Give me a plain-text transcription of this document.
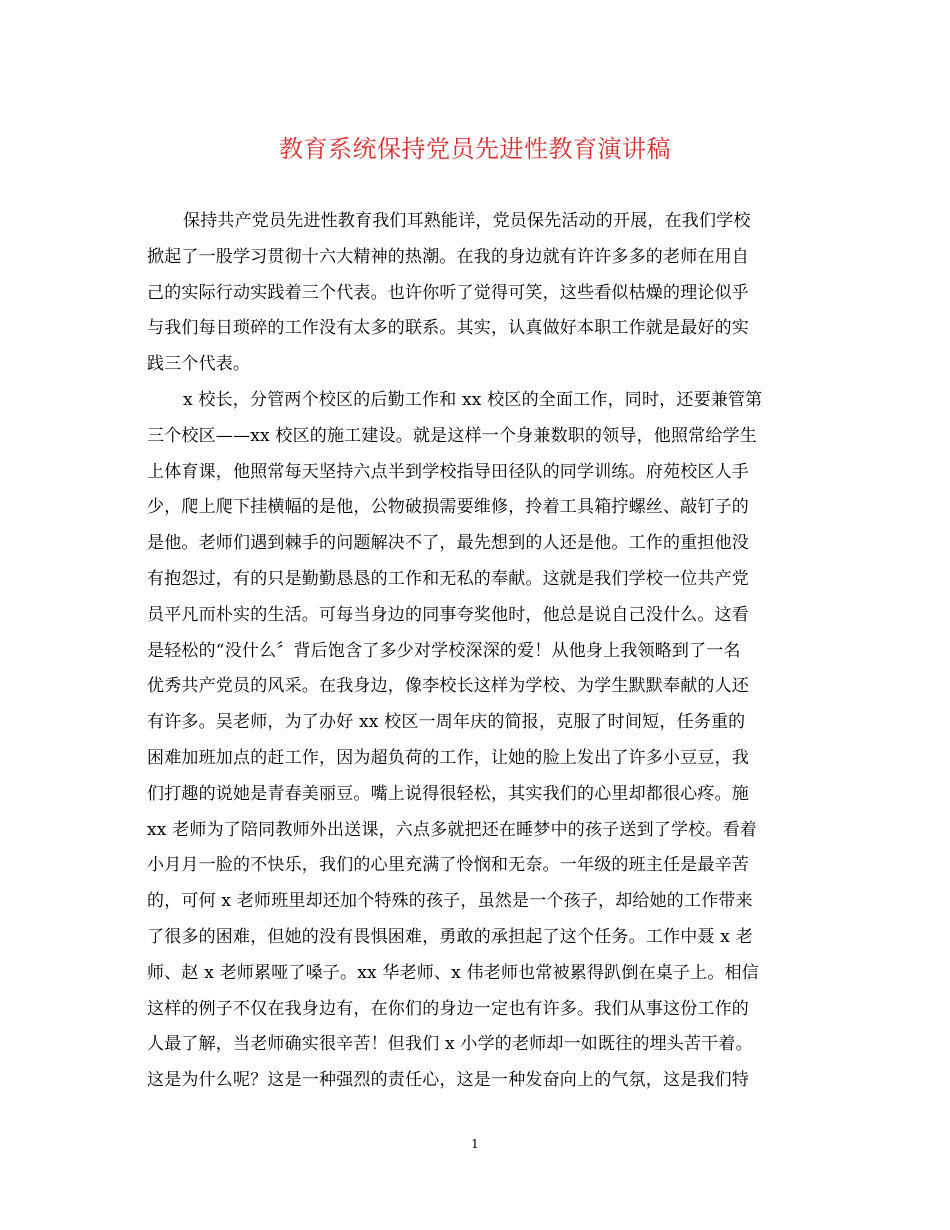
教育系统保持党员先进性教育演讲稿
保持共产党员先进性教育我们耳熟能详，党员保先活动的开展，在我们学校
掀起了一股学习贯彻十六大精神的热潮。在我的身边就有许许多多的老师在用自
己的实际行动实践着三个代表。也许你听了觉得可笑，这些看似枯燥的理论似乎
与我们每日琐碎的工作没有太多的联系。其实，认真做好本职工作就是最好的实
践三个代表。
x 校长，分管两个校区的后勤工作和 xx 校区的全面工作，同时，还要兼管第
三个校区——xx 校区的施工建设。就是这样一个身兼数职的领导，他照常给学生
上体育课，他照常每天坚持六点半到学校指导田径队的同学训练。府苑校区人手
少，爬上爬下挂横幅的是他，公物破损需要维修，拎着工具箱拧螺丝、敲钉子的
是他。老师们遇到棘手的问题解决不了，最先想到的人还是他。工作的重担他没
有抱怨过，有的只是勤勤恳恳的工作和无私的奉献。这就是我们学校一位共产党
员平凡而朴实的生活。可每当身边的同事夸奖他时，他总是说自己没什么。这看
是轻松的“没什么〞背后饱含了多少对学校深深的爱！从他身上我领略到了一名
优秀共产党员的风采。在我身边，像李校长这样为学校、为学生默默奉献的人还
有许多。吴老师，为了办好 xx 校区一周年庆的简报，克服了时间短，任务重的
困难加班加点的赶工作，因为超负荷的工作，让她的脸上发出了许多小豆豆，我
们打趣的说她是青春美丽豆。嘴上说得很轻松，其实我们的心里却都很心疼。施
xx 老师为了陪同教师外出送课，六点多就把还在睡梦中的孩子送到了学校。看着
小月月一脸的不快乐，我们的心里充满了怜悯和无奈。一年级的班主任是最辛苦
的，可何 x 老师班里却还加个特殊的孩子，虽然是一个孩子，却给她的工作带来
了很多的困难，但她的没有畏惧困难，勇敢的承担起了这个任务。工作中聂 x 老
师、赵 x 老师累哑了嗓子。xx 华老师、x 伟老师也常被累得趴倒在桌子上。相信
这样的例子不仅在我身边有，在你们的身边一定也有许多。我们从事这份工作的
人最了解，当老师确实很辛苦！但我们 x 小学的老师却一如既往的埋头苦干着。
这是为什么呢？这是一种强烈的责任心，这是一种发奋向上的气氛，这是我们特
1
